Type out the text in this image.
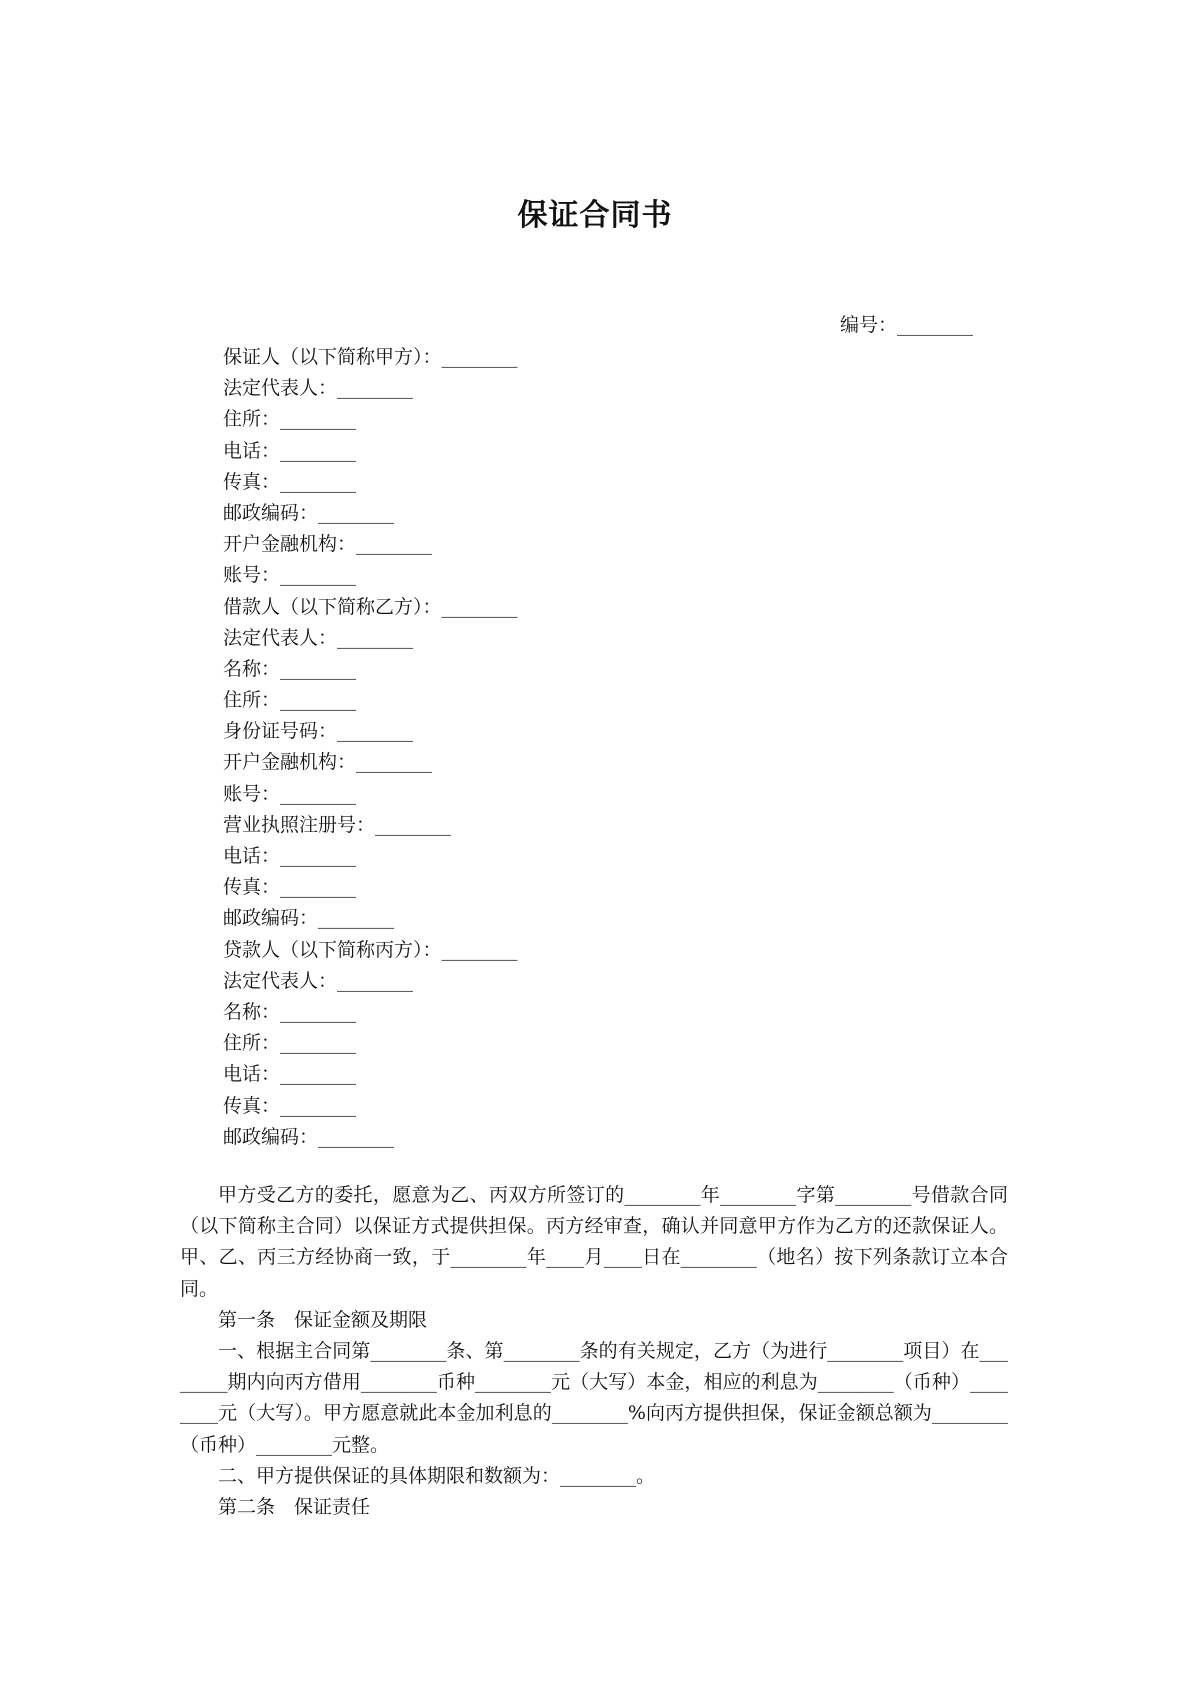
保证合同书
编号：________
保证人（以下简称甲方）：________
法定代表人：________
住所：________
电话：________
传真：________
邮政编码：________
开户金融机构：________
账号：________
借款人（以下简称乙方）：________
法定代表人：________
名称：________
住所：________
身份证号码：________
开户金融机构：________
账号：________
营业执照注册号：________
电话：________
传真：________
邮政编码：________
贷款人（以下简称丙方）：________
法定代表人：________
名称：________
住所：________
电话：________
传真：________
邮政编码：________

甲方受乙方的委托，愿意为乙、丙双方所签订的________年________字第________号借款合同（以下简称主合同）以保证方式提供担保。丙方经审查，确认并同意甲方作为乙方的还款保证人。甲、乙、丙三方经协商一致，于________年____月____日在________（地名）按下列条款订立本合同。

第一条　保证金额及期限

一、根据主合同第________条、第________条的有关规定，乙方（为进行________项目）在________期内向丙方借用________币种________元（大写）本金，相应的利息为________（币种）________元（大写）。甲方愿意就此本金加利息的________%向丙方提供担保，保证金额总额为________（币种）________元整。

二、甲方提供保证的具体期限和数额为：________。

第二条　保证责任
